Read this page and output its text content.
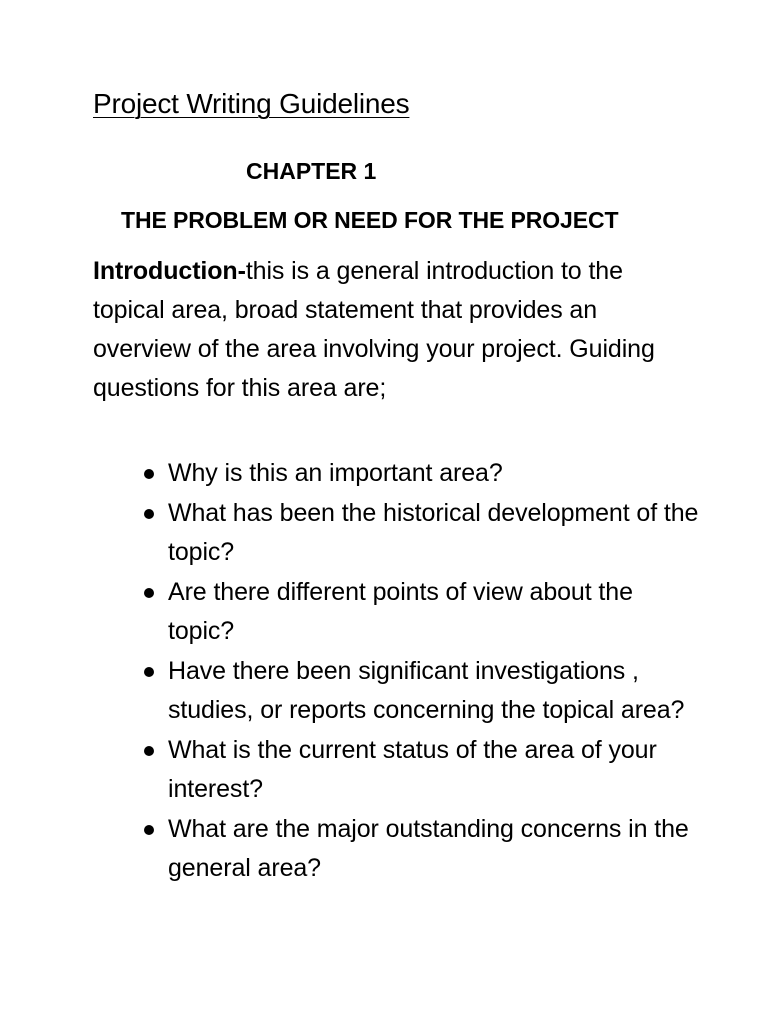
Project Writing Guidelines
CHAPTER 1
THE PROBLEM OR NEED FOR THE PROJECT

Introduction-this is a general introduction to the topical area, broad statement that provides an overview of the area involving your project. Guiding questions for this area are;

Why is this an important area?
What has been the historical development of the topic?
Are there different points of view about the topic?
Have there been significant investigations , studies, or reports concerning the topical area?
What is the current status of the area of your interest?
What are the major outstanding concerns in the general area?
